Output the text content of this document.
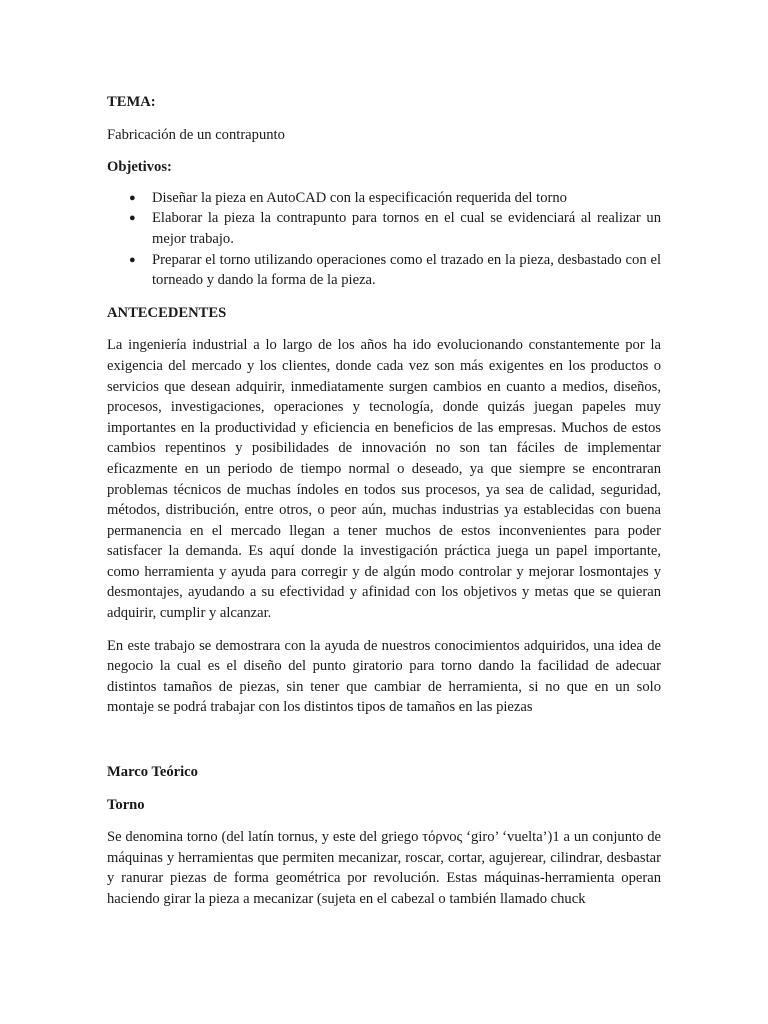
TEMA:

Fabricación de un contrapunto

Objetivos:

● Diseñar la pieza en AutoCAD con la especificación requerida del torno
● Elaborar la pieza la contrapunto para tornos en el cual se evidenciará al realizar un mejor trabajo.
● Preparar el torno utilizando operaciones como el trazado en la pieza, desbastado con el torneado y dando la forma de la pieza.

ANTECEDENTES

La ingeniería industrial a lo largo de los años ha ido evolucionando constantemente por la exigencia del mercado y los clientes, donde cada vez son más exigentes en los productos o servicios que desean adquirir, inmediatamente surgen cambios en cuanto a medios, diseños, procesos, investigaciones, operaciones y tecnología, donde quizás juegan papeles muy importantes en la productividad y eficiencia en beneficios de las empresas. Muchos de estos cambios repentinos y posibilidades de innovación no son tan fáciles de implementar eficazmente en un periodo de tiempo normal o deseado, ya que siempre se encontraran problemas técnicos de muchas índoles en todos sus procesos, ya sea de calidad, seguridad, métodos, distribución, entre otros, o peor aún, muchas industrias ya establecidas con buena permanencia en el mercado llegan a tener muchos de estos inconvenientes para poder satisfacer la demanda. Es aquí donde la investigación práctica juega un papel importante, como herramienta y ayuda para corregir y de algún modo controlar y mejorar losmontajes y desmontajes, ayudando a su efectividad y afinidad con los objetivos y metas que se quieran adquirir, cumplir y alcanzar.

En este trabajo se demostrara con la ayuda de nuestros conocimientos adquiridos, una idea de negocio la cual es el diseño del punto giratorio para torno dando la facilidad de adecuar distintos tamaños de piezas, sin tener que cambiar de herramienta, si no que en un solo montaje se podrá trabajar con los distintos tipos de tamaños en las piezas

Marco Teórico

Torno

Se denomina torno (del latín tornus, y este del griego τόρνος ‘giro’ ‘vuelta’)1 a un conjunto de máquinas y herramientas que permiten mecanizar, roscar, cortar, agujerear, cilindrar, desbastar y ranurar piezas de forma geométrica por revolución. Estas máquinas-herramienta operan haciendo girar la pieza a mecanizar (sujeta en el cabezal o también llamado chuck
